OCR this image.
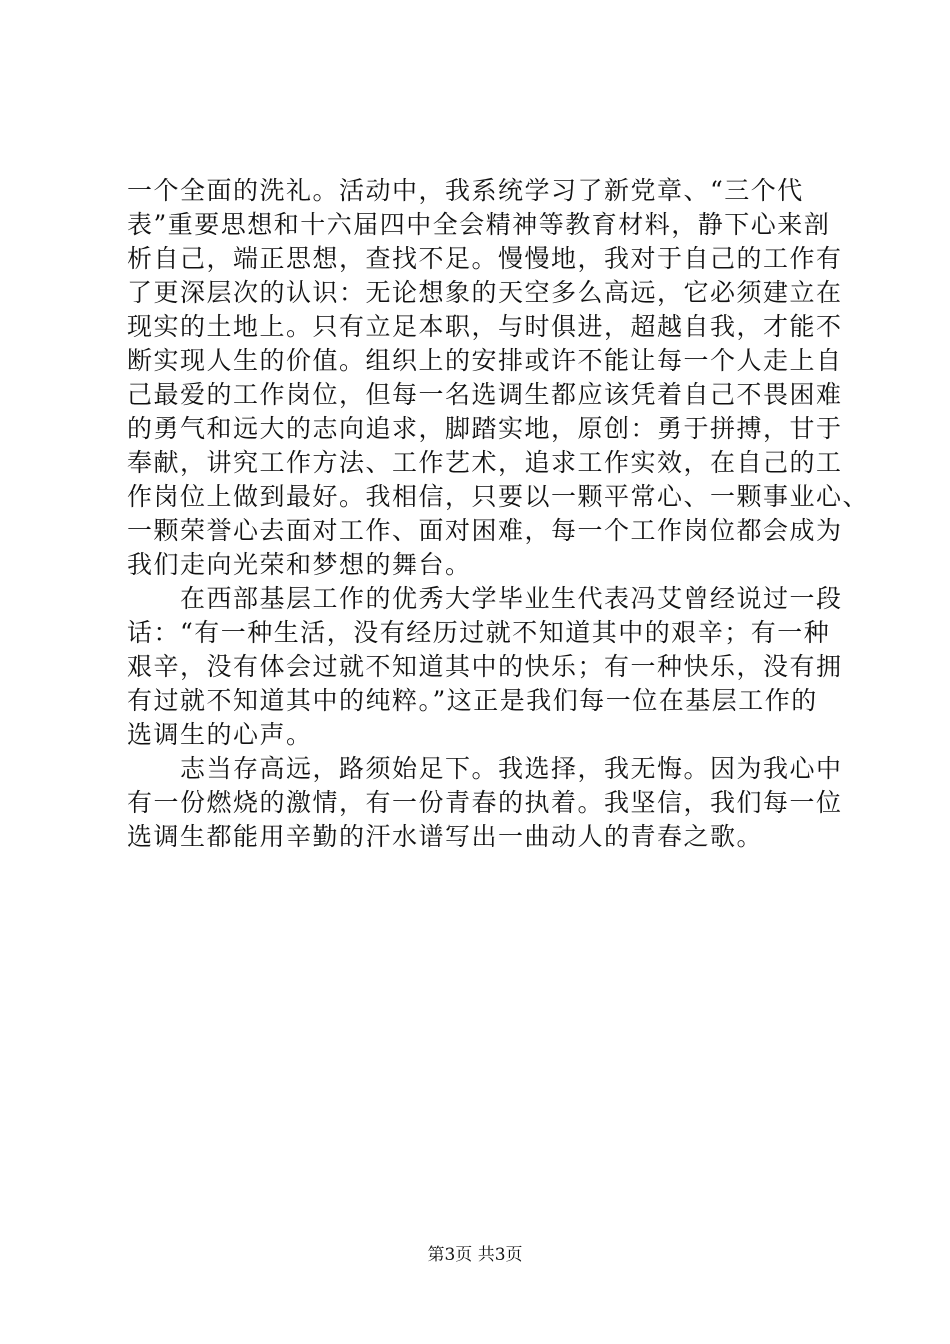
一个全面的洗礼。活动中，我系统学习了新党章、“三个代
表”重要思想和十六届四中全会精神等教育材料，静下心来剖
析自己，端正思想，查找不足。慢慢地，我对于自己的工作有
了更深层次的认识：无论想象的天空多么高远，它必须建立在
现实的土地上。只有立足本职，与时俱进，超越自我，才能不
断实现人生的价值。组织上的安排或许不能让每一个人走上自
己最爱的工作岗位，但每一名选调生都应该凭着自己不畏困难
的勇气和远大的志向追求，脚踏实地，原创：勇于拼搏，甘于
奉献，讲究工作方法、工作艺术，追求工作实效，在自己的工
作岗位上做到最好。我相信，只要以一颗平常心、一颗事业心、
一颗荣誉心去面对工作、面对困难，每一个工作岗位都会成为
我们走向光荣和梦想的舞台。
　　在西部基层工作的优秀大学毕业生代表冯艾曾经说过一段
话：“有一种生活，没有经历过就不知道其中的艰辛；有一种
艰辛，没有体会过就不知道其中的快乐；有一种快乐，没有拥
有过就不知道其中的纯粹。”这正是我们每一位在基层工作的
选调生的心声。
　　志当存高远，路须始足下。我选择，我无悔。因为我心中
有一份燃烧的激情，有一份青春的执着。我坚信，我们每一位
选调生都能用辛勤的汗水谱写出一曲动人的青春之歌。
第3页 共3页
